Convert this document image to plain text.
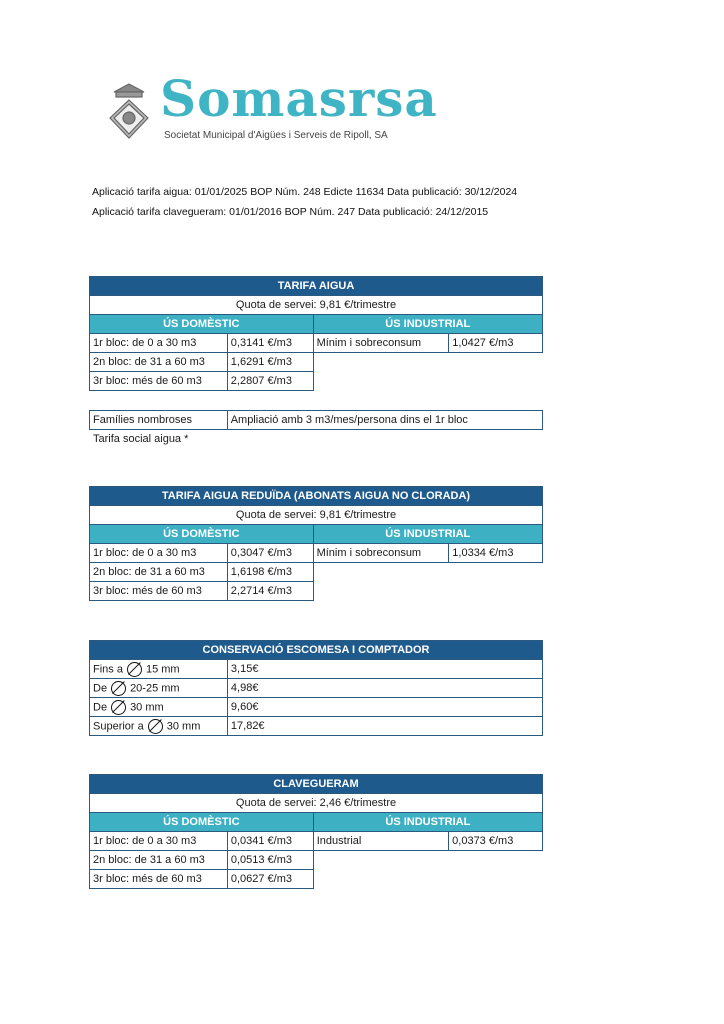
Somasrsa
Societat Municipal d'Aigües i Serveis de Ripoll, SA
Aplicació tarifa aigua: 01/01/2025 BOP Núm. 248 Edicte 11634 Data publicació: 30/12/2024
Aplicació tarifa clavegueram: 01/01/2016 BOP Núm. 247 Data publicació: 24/12/2015
TARIFA AIGUA			
Quota de servei: 9,81 €/trimestre			
ÚS DOMÈSTIC		ÚS INDUSTRIAL	
1r bloc: de 0 a 30 m3	0,3141 €/m3	Mínim i sobreconsum	1,0427 €/m3
2n bloc: de 31 a 60 m3	1,6291 €/m3		
3r bloc: més de 60 m3	2,2807 €/m3		
Famílies nombroses	Ampliació amb 3 m3/mes/persona dins el 1r bloc
Tarifa social aigua *
TARIFA AIGUA REDUÏDA (ABONATS AIGUA NO CLORADA)			
Quota de servei: 9,81 €/trimestre			
ÚS DOMÈSTIC		ÚS INDUSTRIAL	
1r bloc: de 0 a 30 m3	0,3047 €/m3	Mínim i sobreconsum	1,0334 €/m3
2n bloc: de 31 a 60 m3	1,6198 €/m3		
3r bloc: més de 60 m3	2,2714 €/m3		
CONSERVACIÓ ESCOMESA I COMPTADOR	
Fins a 15 mm	3,15€
De 20-25 mm	4,98€
De 30 mm	9,60€
Superior a 30 mm	17,82€
CLAVEGUERAM			
Quota de servei: 2,46 €/trimestre			
ÚS DOMÈSTIC		ÚS INDUSTRIAL	
1r bloc: de 0 a 30 m3	0,0341 €/m3	Industrial	0,0373 €/m3
2n bloc: de 31 a 60 m3	0,0513 €/m3		
3r bloc: més de 60 m3	0,0627 €/m3		
